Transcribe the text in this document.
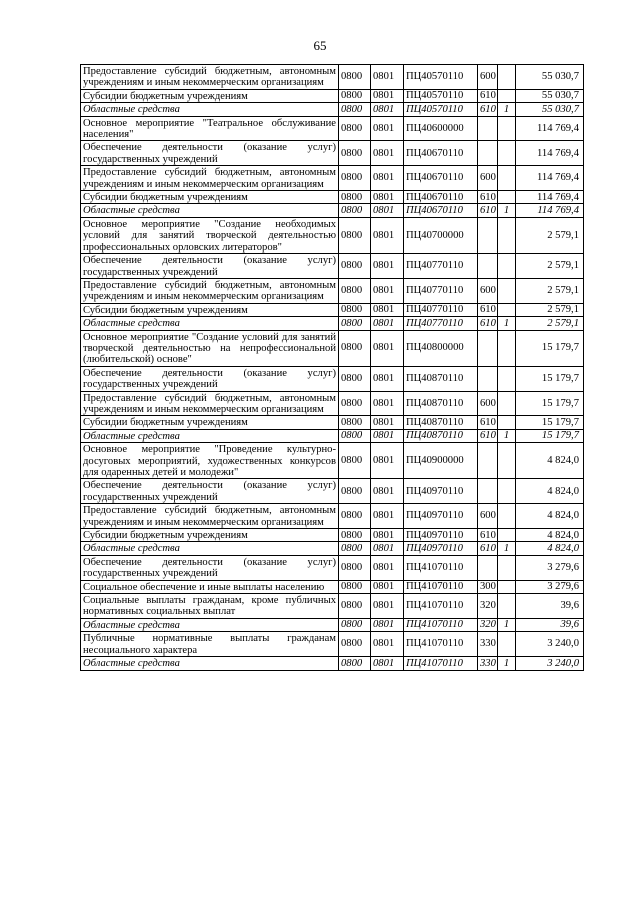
65
Предоставление субсидий бюджетным, автономным учреждениям и иным некоммерческим организациям	0800	0801	ПЦ40570110	600		55 030,7
Субсидии бюджетным учреждениям	0800	0801	ПЦ40570110	610		55 030,7
Областные средства	0800	0801	ПЦ40570110	610	1	55 030,7
Основное мероприятие "Театральное обслуживание населения"	0800	0801	ПЦ40600000			114 769,4
Обеспечение деятельности (оказание услуг) государственных учреждений	0800	0801	ПЦ40670110			114 769,4
Предоставление субсидий бюджетным, автономным учреждениям и иным некоммерческим организациям	0800	0801	ПЦ40670110	600		114 769,4
Субсидии бюджетным учреждениям	0800	0801	ПЦ40670110	610		114 769,4
Областные средства	0800	0801	ПЦ40670110	610	1	114 769,4
Основное мероприятие "Создание необходимых условий для занятий творческой деятельностью профессиональных орловских литераторов"	0800	0801	ПЦ40700000			2 579,1
Обеспечение деятельности (оказание услуг) государственных учреждений	0800	0801	ПЦ40770110			2 579,1
Предоставление субсидий бюджетным, автономным учреждениям и иным некоммерческим организациям	0800	0801	ПЦ40770110	600		2 579,1
Субсидии бюджетным учреждениям	0800	0801	ПЦ40770110	610		2 579,1
Областные средства	0800	0801	ПЦ40770110	610	1	2 579,1
Основное мероприятие "Создание условий для занятий творческой деятельностью на непрофессиональной (любительской) основе"	0800	0801	ПЦ40800000			15 179,7
Обеспечение деятельности (оказание услуг) государственных учреждений	0800	0801	ПЦ40870110			15 179,7
Предоставление субсидий бюджетным, автономным учреждениям и иным некоммерческим организациям	0800	0801	ПЦ40870110	600		15 179,7
Субсидии бюджетным учреждениям	0800	0801	ПЦ40870110	610		15 179,7
Областные средства	0800	0801	ПЦ40870110	610	1	15 179,7
Основное мероприятие "Проведение культурно-досуговых мероприятий, художественных конкурсов для одаренных детей и молодежи"	0800	0801	ПЦ40900000			4 824,0
Обеспечение деятельности (оказание услуг) государственных учреждений	0800	0801	ПЦ40970110			4 824,0
Предоставление субсидий бюджетным, автономным учреждениям и иным некоммерческим организациям	0800	0801	ПЦ40970110	600		4 824,0
Субсидии бюджетным учреждениям	0800	0801	ПЦ40970110	610		4 824,0
Областные средства	0800	0801	ПЦ40970110	610	1	4 824,0
Обеспечение деятельности (оказание услуг) государственных учреждений	0800	0801	ПЦ41070110			3 279,6
Социальное обеспечение и иные выплаты населению	0800	0801	ПЦ41070110	300		3 279,6
Социальные выплаты гражданам, кроме публичных нормативных социальных выплат	0800	0801	ПЦ41070110	320		39,6
Областные средства	0800	0801	ПЦ41070110	320	1	39,6
Публичные нормативные выплаты гражданам несоциального характера	0800	0801	ПЦ41070110	330		3 240,0
Областные средства	0800	0801	ПЦ41070110	330	1	3 240,0
